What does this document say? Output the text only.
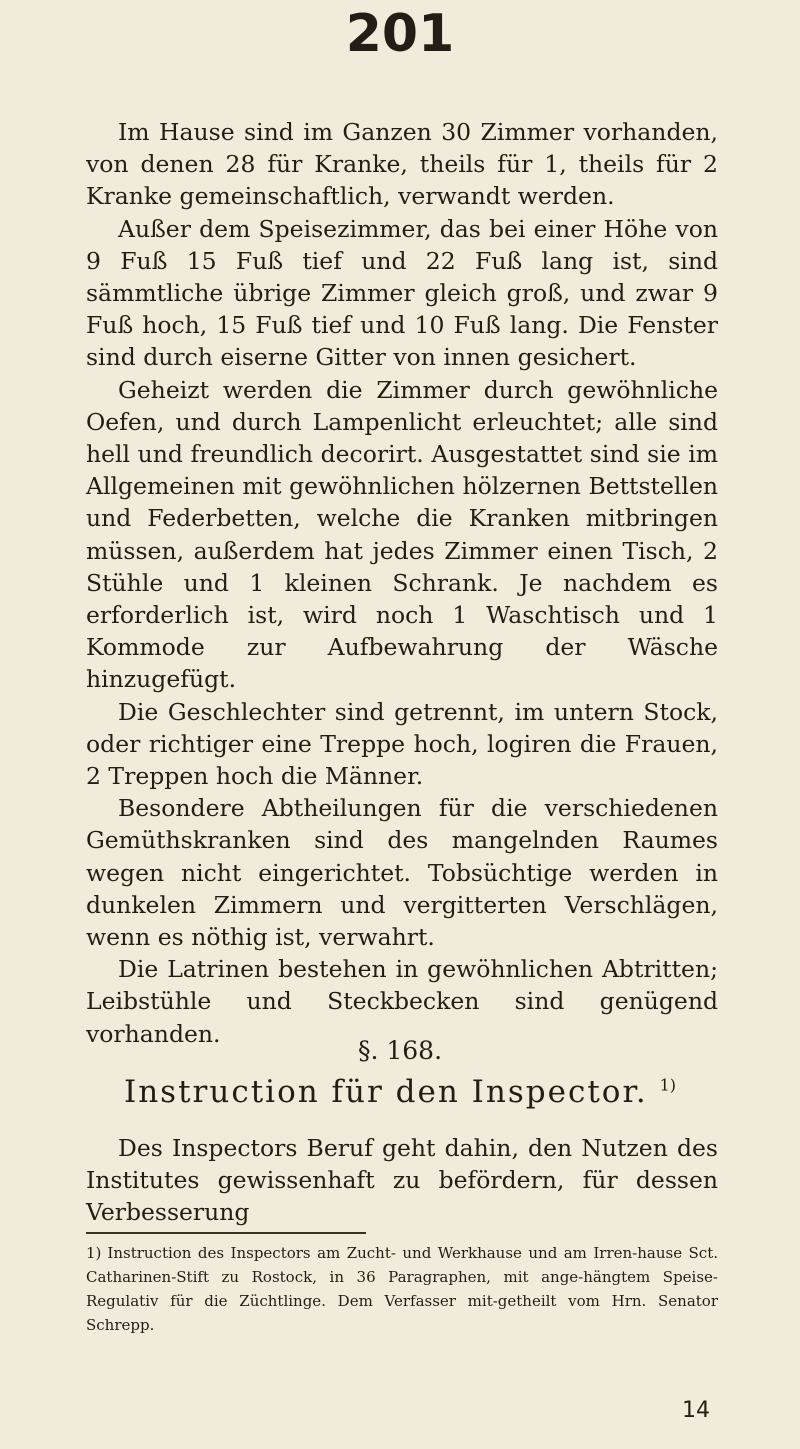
201

Im Hause sind im Ganzen 30 Zimmer vorhanden, von denen 28 für Kranke, theils für 1, theils für 2 Kranke gemeinschaftlich, verwandt werden.

Außer dem Speisezimmer, das bei einer Höhe von 9 Fuß 15 Fuß tief und 22 Fuß lang ist, sind sämmtliche übrige Zimmer gleich groß, und zwar 9 Fuß hoch, 15 Fuß tief und 10 Fuß lang. Die Fenster sind durch eiserne Gitter von innen gesichert.

Geheizt werden die Zimmer durch gewöhnliche Oefen, und durch Lampenlicht erleuchtet; alle sind hell und freundlich decorirt. Ausgestattet sind sie im Allgemeinen mit gewöhnlichen hölzernen Bettstellen und Federbetten, welche die Kranken mitbringen müssen, außerdem hat jedes Zimmer einen Tisch, 2 Stühle und 1 kleinen Schrank. Je nachdem es erforderlich ist, wird noch 1 Waschtisch und 1 Kommode zur Aufbewahrung der Wäsche hinzugefügt.

Die Geschlechter sind getrennt, im untern Stock, oder richtiger eine Treppe hoch, logiren die Frauen, 2 Treppen hoch die Männer.

Besondere Abtheilungen für die verschiedenen Gemüthskranken sind des mangelnden Raumes wegen nicht eingerichtet. Tobsüchtige werden in dunkelen Zimmern und vergitterten Verschlägen, wenn es nöthig ist, verwahrt.

Die Latrinen bestehen in gewöhnlichen Abtritten; Leibstühle und Steckbecken sind genügend vorhanden.

§. 168.
Instruction für den Inspector. $^{1)}$

Des Inspectors Beruf geht dahin, den Nutzen des Institutes gewissenhaft zu befördern, für dessen Verbesserung

1) Instruction des Inspectors am Zucht- und Werkhause und am Irren-hause Sct. Catharinen-Stift zu Rostock, in 36 Paragraphen, mit ange-hängtem Speise-Regulativ für die Züchtlinge. Dem Verfasser mit-getheilt vom Hrn. Senator Schrepp.
14
